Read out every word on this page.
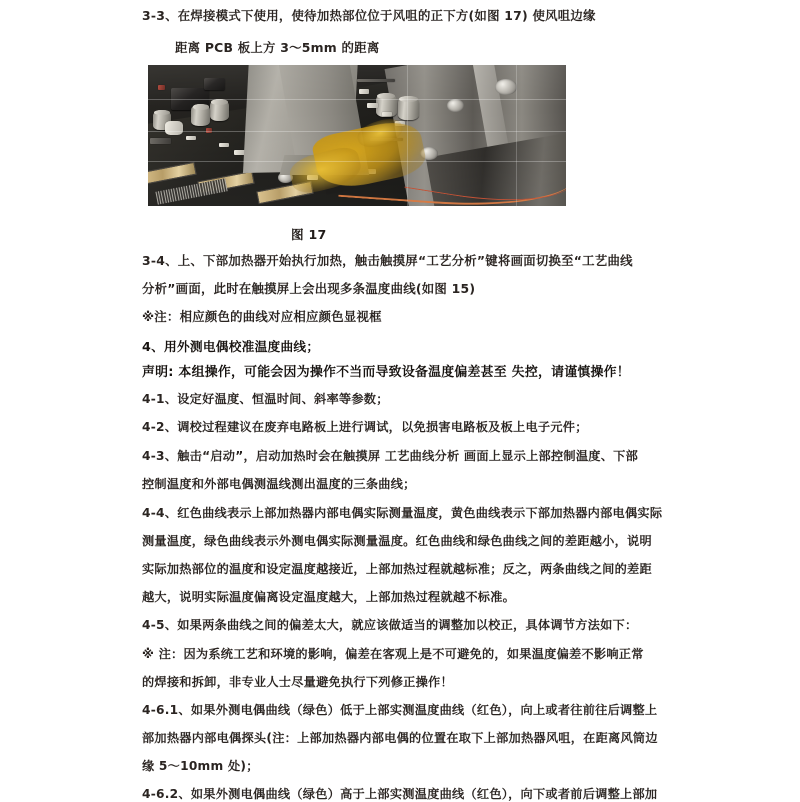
3-3、在焊接模式下使用，使待加热部位位于风咀的正下方(如图 17) 使风咀边缘
距离 PCB 板上方 3～5mm 的距离
图 17
3-4、上、下部加热器开始执行加热，触击触摸屏“工艺分析”键将画面切换至“工艺曲线
分析”画面，此时在触摸屏上会出现多条温度曲线(如图 15)
※注：相应颜色的曲线对应相应颜色显视框
4、用外测电偶校准温度曲线；
声明: 本组操作，可能会因为操作不当而导致设备温度偏差甚至 失控，请谨慎操作！
4-1、设定好温度、恒温时间、斜率等参数；
4-2、调校过程建议在废弃电路板上进行调试，以免损害电路板及板上电子元件；
4-3、触击“启动”，启动加热时会在触摸屏 工艺曲线分析 画面上显示上部控制温度、下部
控制温度和外部电偶测温线测出温度的三条曲线；
4-4、红色曲线表示上部加热器内部电偶实际测量温度，黄色曲线表示下部加热器内部电偶实际
测量温度，绿色曲线表示外测电偶实际测量温度。红色曲线和绿色曲线之间的差距越小，说明
实际加热部位的温度和设定温度越接近，上部加热过程就越标准；反之，两条曲线之间的差距
越大，说明实际温度偏离设定温度越大，上部加热过程就越不标准。
4-5、如果两条曲线之间的偏差太大，就应该做适当的调整加以校正，具体调节方法如下：
※ 注：因为系统工艺和环境的影响，偏差在客观上是不可避免的，如果温度偏差不影响正常
的焊接和拆卸，非专业人士尽量避免执行下列修正操作！
4-6.1、如果外测电偶曲线（绿色）低于上部实测温度曲线（红色），向上或者往前往后调整上
部加热器内部电偶探头(注：上部加热器内部电偶的位置在取下上部加热器风咀，在距离风筒边
缘 5～10mm 处)；
4-6.2、如果外测电偶曲线（绿色）高于上部实测温度曲线（红色），向下或者前后调整上部加
